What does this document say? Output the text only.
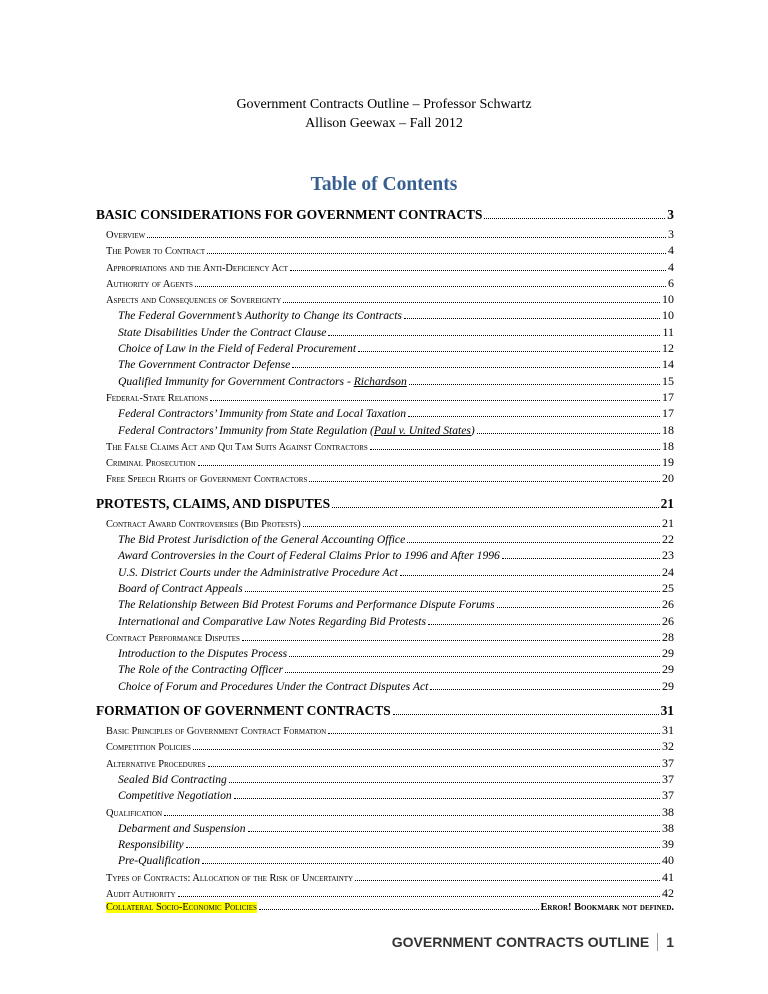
Government Contracts Outline – Professor Schwartz
Allison Geewax – Fall 2012
Table of Contents
BASIC CONSIDERATIONS FOR GOVERNMENT CONTRACTS	3
Overview	3
The Power to Contract	4
Appropriations and the Anti-Deficiency Act	4
Authority of Agents	6
Aspects and Consequences of Sovereignty	10
The Federal Government’s Authority to Change its Contracts	10
State Disabilities Under the Contract Clause	11
Choice of Law in the Field of Federal Procurement	12
The Government Contractor Defense	14
Qualified Immunity for Government Contractors - Richardson	15
Federal-State Relations	17
Federal Contractors’ Immunity from State and Local Taxation	17
Federal Contractors’ Immunity from State Regulation (Paul v. United States)	18
The False Claims Act and Qui Tam Suits Against Contractors	18
Criminal Prosecution	19
Free Speech Rights of Government Contractors	20
PROTESTS, CLAIMS, AND DISPUTES	21
Contract Award Controversies (Bid Protests)	21
The Bid Protest Jurisdiction of the General Accounting Office	22
Award Controversies in the Court of Federal Claims Prior to 1996 and After 1996	23
U.S. District Courts under the Administrative Procedure Act	24
Board of Contract Appeals	25
The Relationship Between Bid Protest Forums and Performance Dispute Forums	26
International and Comparative Law Notes Regarding Bid Protests	26
Contract Performance Disputes	28
Introduction to the Disputes Process	29
The Role of the Contracting Officer	29
Choice of Forum and Procedures Under the Contract Disputes Act	29
FORMATION OF GOVERNMENT CONTRACTS	31
Basic Principles of Government Contract Formation	31
Competition Policies	32
Alternative Procedures	37
Sealed Bid Contracting	37
Competitive Negotiation	37
Qualification	38
Debarment and Suspension	38
Responsibility	39
Pre-Qualification	40
Types of Contracts: Allocation of the Risk of Uncertainty	41
Audit Authority	42
Collateral Socio-Economic Policies	Error! Bookmark not defined.
GOVERNMENT CONTRACTS OUTLINE 1
